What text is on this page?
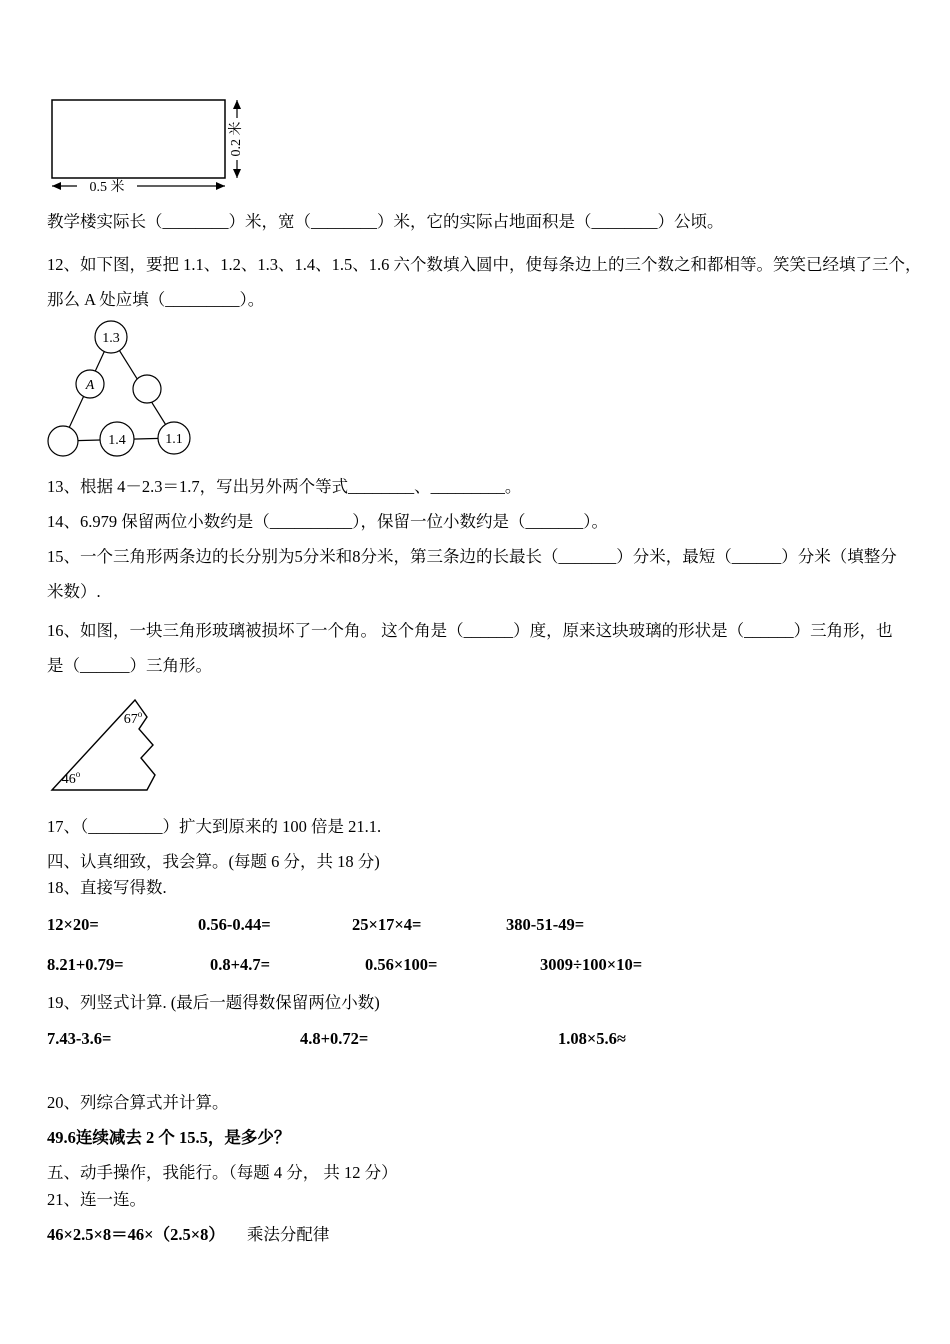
0.2 米
0.5 米

教学楼实际长（________）米，宽（________）米，它的实际占地面积是（________）公顷。

12、如下图，要把 1.1、1.2、1.3、1.4、1.5、1.6 六个数填入圆中，使每条边上的三个数之和都相等。笑笑已经填了三个，

那么 A 处应填（_________）。

1.3
A
1.4	1.1

13、根据 4－2.3＝1.7，写出另外两个等式________、_________。

14、6.979 保留两位小数约是（__________），保留一位小数约是（_______）。

15、一个三角形两条边的长分别为5分米和8分米，第三条边的长最长（_______）分米，最短（______）分米（填整分米数）.

16、如图，一块三角形玻璃被损坏了一个角。 这个角是（______）度，原来这块玻璃的形状是（______）三角形，也是（______）三角形。

67$^o$
46$^o$

17、（_________）扩大到原来的 100 倍是 21.1.

四、认真细致，我会算。(每题 6 分，共 18 分)

18、直接写得数.

12×20=	0.56-0.44=	25×17×4=	380-51-49=
8.21+0.79=	0.8+4.7=	0.56×100=	3009÷100×10=

19、列竖式计算. (最后一题得数保留两位小数)

7.43-3.6=	4.8+0.72=	1.08×5.6≈

20、列综合算式并计算。

49.6连续减去 2 个 15.5，是多少？

五、动手操作，我能行。（每题 4 分， 共 12 分）

21、连一连。

46×2.5×8＝46×（2.5×8） 乘法分配律
